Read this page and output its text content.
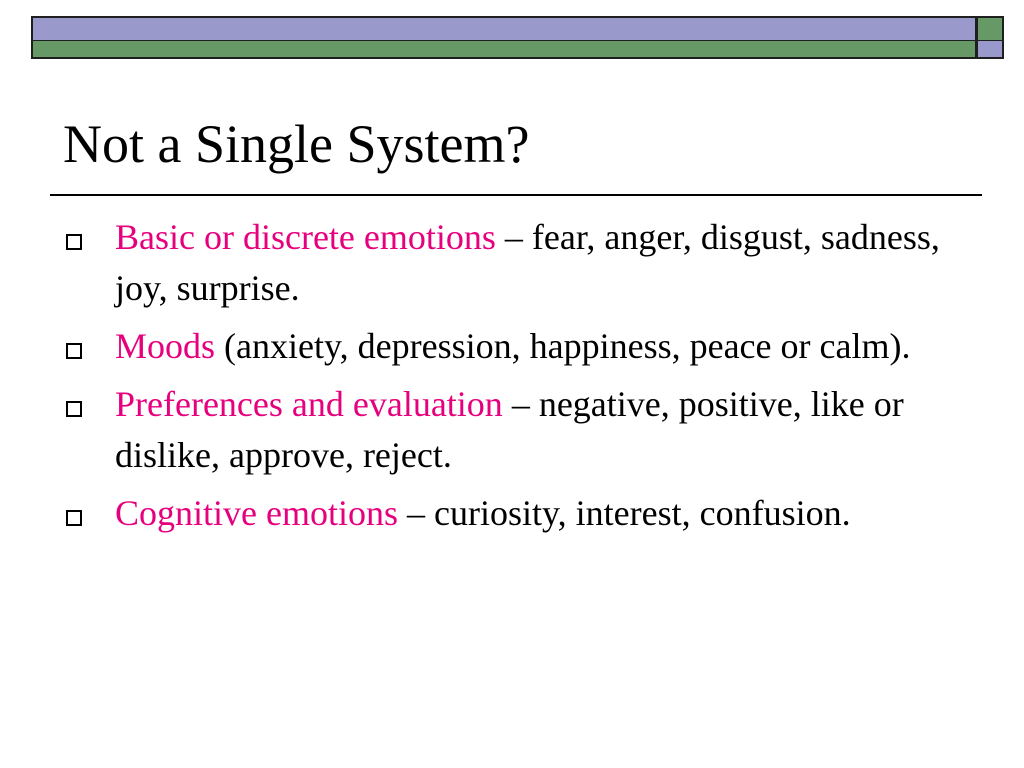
Not a Single System?
Basic or discrete emotions – fear, anger, disgust, sadness, joy, surprise.
Moods (anxiety, depression, happiness, peace or calm).
Preferences and evaluation – negative, positive, like or dislike, approve, reject.
Cognitive emotions – curiosity, interest, confusion.
